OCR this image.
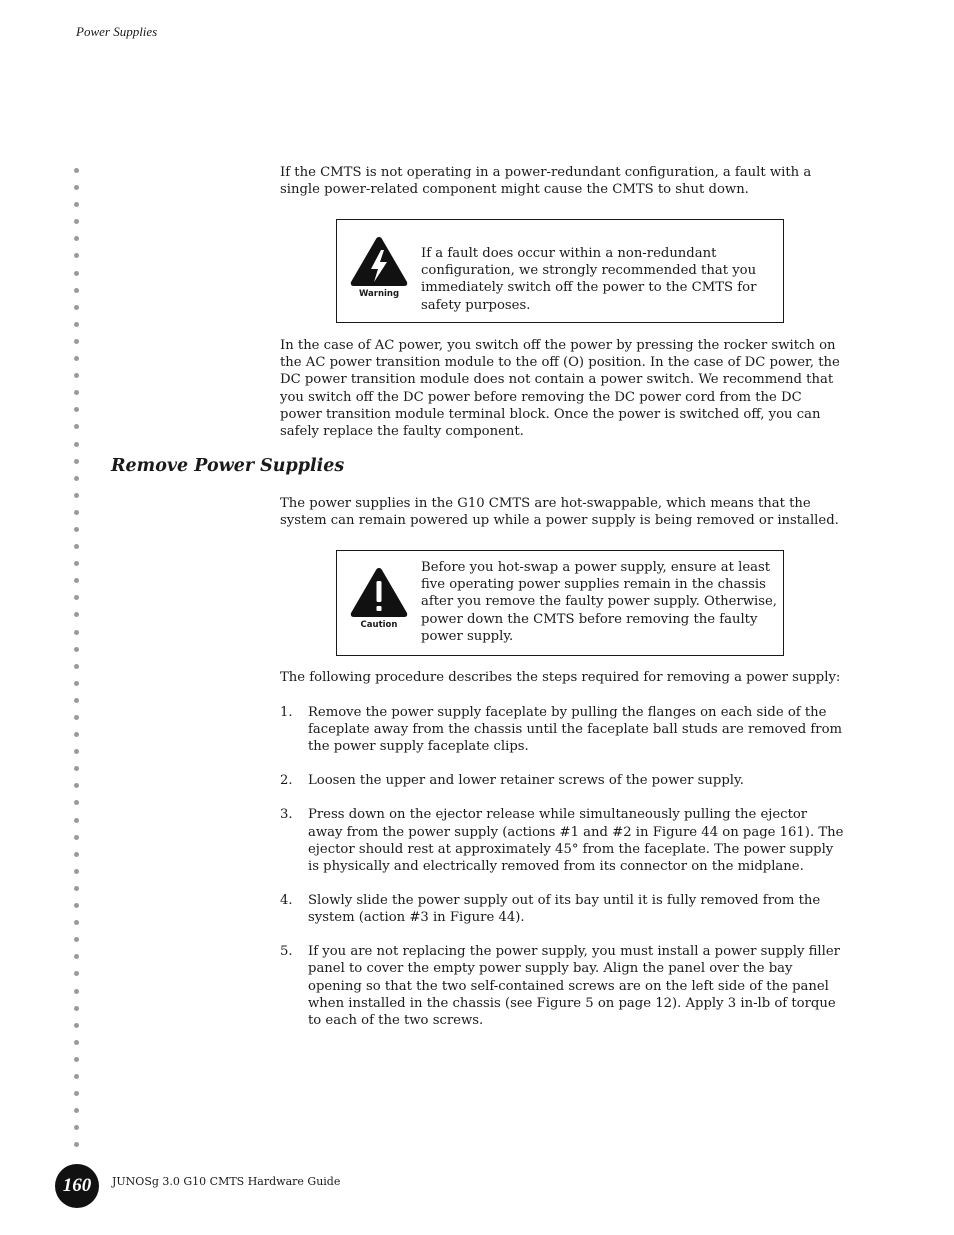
Power Supplies
If the CMTS is not operating in a power-redundant configuration, a fault with a single power-related component might cause the CMTS to shut down.
Warning
If a fault does occur within a non-redundant configuration, we strongly recommended that you immediately switch off the power to the CMTS for safety purposes.
In the case of AC power, you switch off the power by pressing the rocker switch on the AC power transition module to the off (O) position. In the case of DC power, the DC power transition module does not contain a power switch. We recommend that you switch off the DC power before removing the DC power cord from the DC power transition module terminal block. Once the power is switched off, you can safely replace the faulty component.
Remove Power Supplies
The power supplies in the G10 CMTS are hot-swappable, which means that the system can remain powered up while a power supply is being removed or installed.
Caution
Before you hot-swap a power supply, ensure at least five operating power supplies remain in the chassis after you remove the faulty power supply. Otherwise, power down the CMTS before removing the faulty power supply.
The following procedure describes the steps required for removing a power supply:
1. Remove the power supply faceplate by pulling the flanges on each side of the faceplate away from the chassis until the faceplate ball studs are removed from the power supply faceplate clips.
2. Loosen the upper and lower retainer screws of the power supply.
3. Press down on the ejector release while simultaneously pulling the ejector away from the power supply (actions #1 and #2 in Figure 44 on page 161). The ejector should rest at approximately 45° from the faceplate. The power supply is physically and electrically removed from its connector on the midplane.
4. Slowly slide the power supply out of its bay until it is fully removed from the system (action #3 in Figure 44).
5. If you are not replacing the power supply, you must install a power supply filler panel to cover the empty power supply bay. Align the panel over the bay opening so that the two self-contained screws are on the left side of the panel when installed in the chassis (see Figure 5 on page 12). Apply 3 in-lb of torque to each of the two screws.
160	JUNOSg 3.0 G10 CMTS Hardware Guide
